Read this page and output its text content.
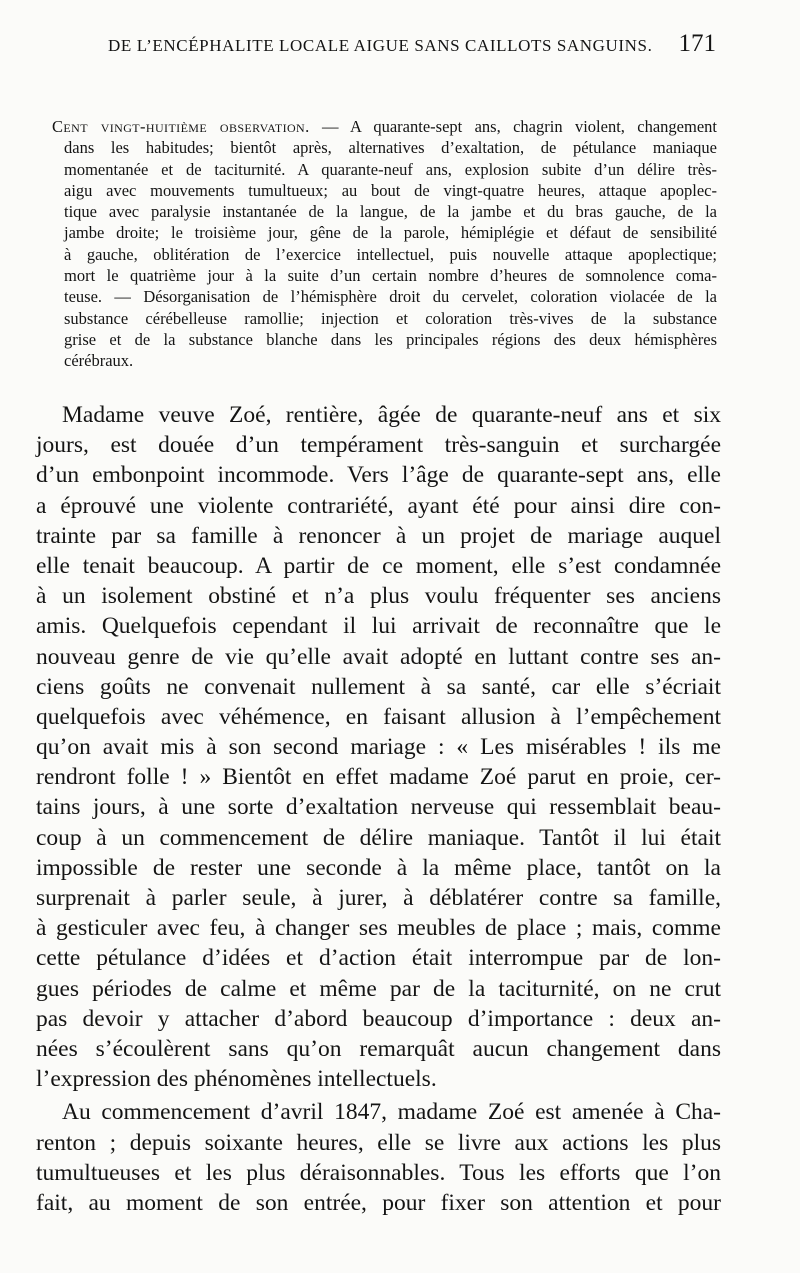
DE L’ENCÉPHALITE LOCALE AIGUE SANS CAILLOTS SANGUINS. 171
Cent vingt-huitième observation. — A quarante-sept ans, chagrin violent, changement
dans les habitudes; bientôt après, alternatives d’exaltation, de pétulance maniaque
momentanée et de taciturnité. A quarante-neuf ans, explosion subite d’un délire très-
aigu avec mouvements tumultueux; au bout de vingt-quatre heures, attaque apoplec-
tique avec paralysie instantanée de la langue, de la jambe et du bras gauche, de la
jambe droite; le troisième jour, gêne de la parole, hémiplégie et défaut de sensibilité
à gauche, oblitération de l’exercice intellectuel, puis nouvelle attaque apoplectique;
mort le quatrième jour à la suite d’un certain nombre d’heures de somnolence coma-
teuse. — Désorganisation de l’hémisphère droit du cervelet, coloration violacée de la
substance cérébelleuse ramollie; injection et coloration très-vives de la substance
grise et de la substance blanche dans les principales régions des deux hémisphères
cérébraux.
Madame veuve Zoé, rentière, âgée de quarante-neuf ans et six
jours, est douée d’un tempérament très-sanguin et surchargée
d’un embonpoint incommode. Vers l’âge de quarante-sept ans, elle
a éprouvé une violente contrariété, ayant été pour ainsi dire con-
trainte par sa famille à renoncer à un projet de mariage auquel
elle tenait beaucoup. A partir de ce moment, elle s’est condamnée
à un isolement obstiné et n’a plus voulu fréquenter ses anciens
amis. Quelquefois cependant il lui arrivait de reconnaître que le
nouveau genre de vie qu’elle avait adopté en luttant contre ses an-
ciens goûts ne convenait nullement à sa santé, car elle s’écriait
quelquefois avec véhémence, en faisant allusion à l’empêchement
qu’on avait mis à son second mariage : « Les misérables ! ils me
rendront folle ! » Bientôt en effet madame Zoé parut en proie, cer-
tains jours, à une sorte d’exaltation nerveuse qui ressemblait beau-
coup à un commencement de délire maniaque. Tantôt il lui était
impossible de rester une seconde à la même place, tantôt on la
surprenait à parler seule, à jurer, à déblatérer contre sa famille,
à gesticuler avec feu, à changer ses meubles de place ; mais, comme
cette pétulance d’idées et d’action était interrompue par de lon-
gues périodes de calme et même par de la taciturnité, on ne crut
pas devoir y attacher d’abord beaucoup d’importance : deux an-
nées s’écoulèrent sans qu’on remarquât aucun changement dans
l’expression des phénomènes intellectuels.
Au commencement d’avril 1847, madame Zoé est amenée à Cha-
renton ; depuis soixante heures, elle se livre aux actions les plus
tumultueuses et les plus déraisonnables. Tous les efforts que l’on
fait, au moment de son entrée, pour fixer son attention et pour
